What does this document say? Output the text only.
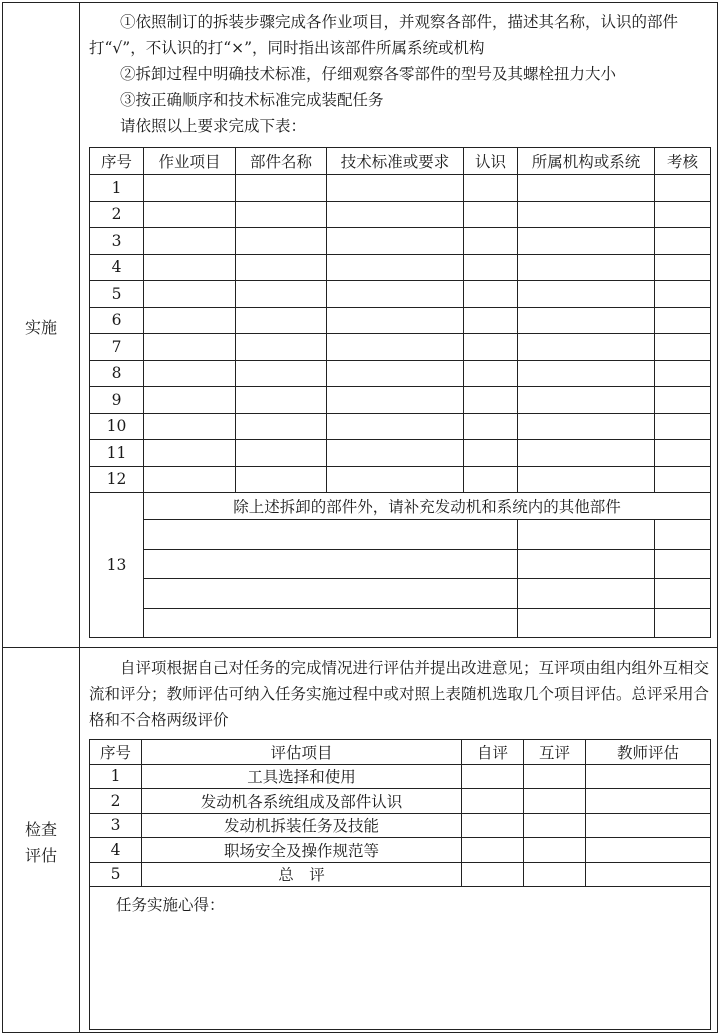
实施
检查
评估

①依照制订的拆装步骤完成各作业项目，并观察各部件，描述其名称，认识的部件打“√”，不认识的打“×”，同时指出该部件所属系统或机构

②拆卸过程中明确技术标准，仔细观察各零部件的型号及其螺栓扭力大小

③按正确顺序和技术标准完成装配任务

请依照以上要求完成下表：

序号	作业项目	部件名称	技术标准或要求	认识	所属机构或系统	考核
1						
2						
3						
4						
5						
6						
7						
8						
9						
10						
11						
12						
13	除上述拆卸的部件外，请补充发动机和系统内的其他部件					

自评项根据自己对任务的完成情况进行评估并提出改进意见；互评项由组内组外互相交流和评分；教师评估可纳入任务实施过程中或对照上表随机选取几个项目评估。总评采用合格和不合格两级评价

序号	评估项目	自评	互评	教师评估
1	工具选择和使用			
2	发动机各系统组成及部件认识			
3	发动机拆装任务及技能			
4	职场安全及操作规范等			
5	总　评			
任务实施心得：				
